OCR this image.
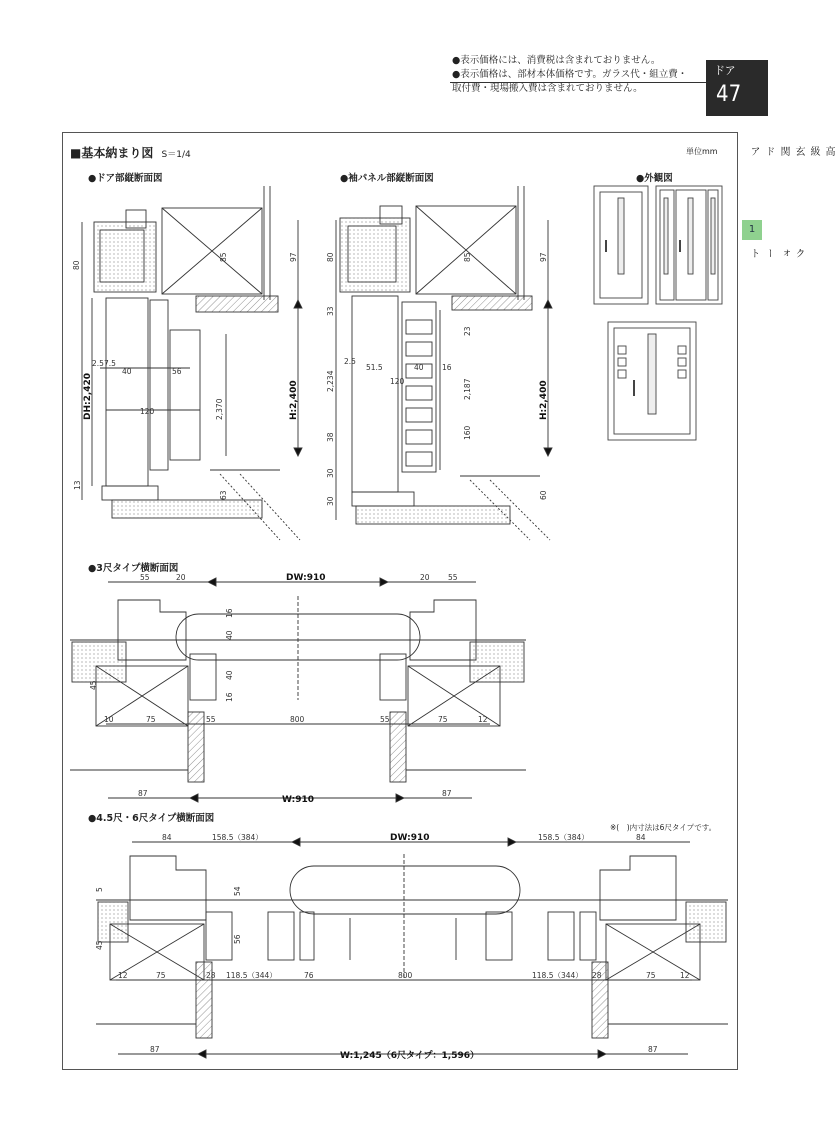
●表示価格には、消費税は含まれておりません。
●表示価格は、部材本体価格です。ガラス代・組立費・
取付費・現場搬入費は含まれておりません。
ドア
47
高級玄関ドア
1
クォート
■基本納まり図 S＝1/4	単位mm
●ドア部縦断面図	●袖パネル部縦断面図	●外観図
●3尺タイプ横断面図
●4.5尺・6尺タイプ横断面図
※(　)内寸法は6尺タイプです。
80
DH:2,420
13
2.5 7.5
40	56
120	2,370
85	97
H:2,400
63
80
33
2,234
38
30
30
2.5
51.5	40 16
120
85
23
2,187
160
97
H:2,400
60
55	20	DW:910	20 55
45
40
40
16
16
10	75	55	800	55	75	12
87
W:910
87
84	158.5（384）	DW:910	158.5（384）	84
5
45
54
56
12	75	28 118.5（344）	76	800	118.5（344） 28	75	12
87
W:1,245（6尺タイプ：1,596）
87
